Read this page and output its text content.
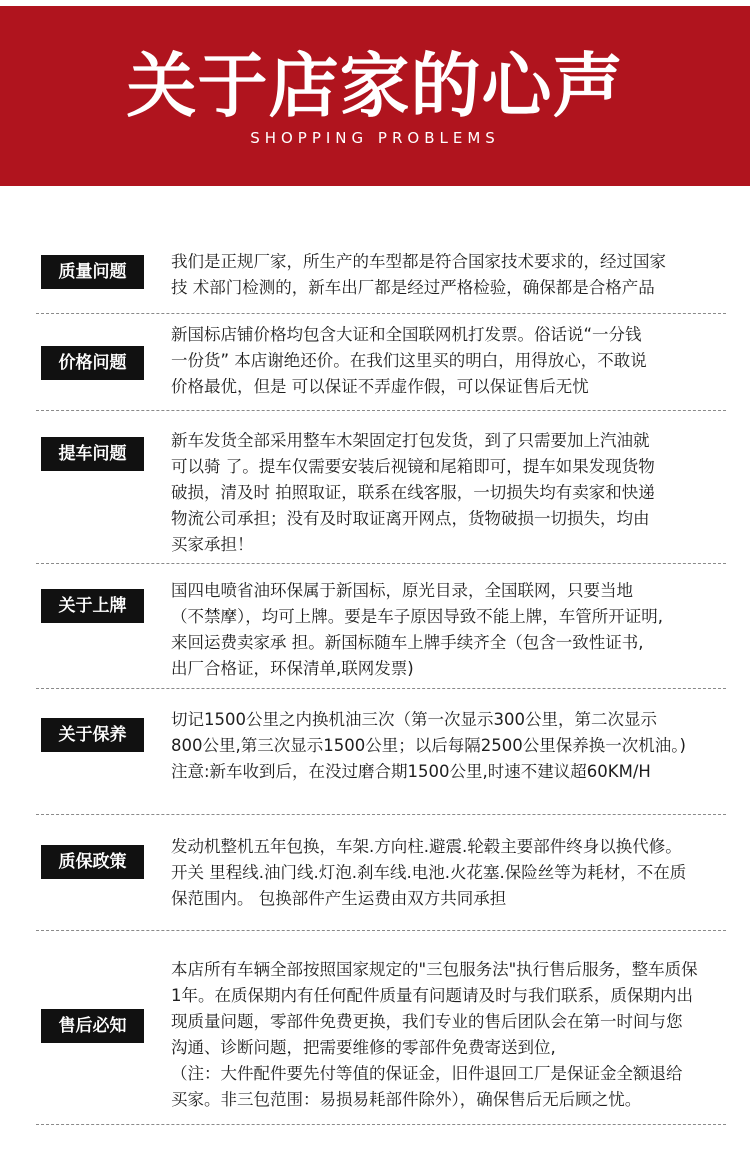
关于店家的心声
SHOPPING PROBLEMS
质量问题
我们是正规厂家，所生产的车型都是符合国家技术要求的，经过国家
技 术部门检测的，新车出厂都是经过严格检验，确保都是合格产品
价格问题
新国标店铺价格均包含大证和全国联网机打发票。俗话说“一分钱
一份货” 本店谢绝还价。在我们这里买的明白，用得放心，不敢说
价格最优，但是 可以保证不弄虚作假，可以保证售后无忧
提车问题
新车发货全部采用整车木架固定打包发货，到了只需要加上汽油就
可以骑 了。提车仅需要安装后视镜和尾箱即可，提车如果发现货物
破损，清及时 拍照取证，联系在线客服，一切损失均有卖家和快递
物流公司承担；没有及时取证离开网点，货物破损一切损失，均由
买家承担！
关于上牌
国四电喷省油环保属于新国标，原光目录，全国联网，只要当地
（不禁摩），均可上牌。要是车子原因导致不能上牌，车管所开证明,
来回运费卖家承 担。新国标随车上牌手续齐全（包含一致性证书,
出厂合格证，环保清单,联网发票)
关于保养
切记1500公里之内换机油三次（第一次显示300公里，第二次显示
800公里,第三次显示1500公里；以后每隔2500公里保养换一次机油。)
注意:新车收到后，在没过磨合期1500公里,时速不建议超60KM/H
质保政策
发动机整机五年包换，车架.方向柱.避震.轮毂主要部件终身以换代修。
开关 里程线.油门线.灯泡.刹车线.电池.火花塞.保险丝等为耗材，不在质
保范围内。 包换部件产生运费由双方共同承担
售后必知
本店所有车辆全部按照国家规定的"三包服务法"执行售后服务，整车质保
1年。在质保期内有任何配件质量有问题请及时与我们联系，质保期内出
现质量问题，零部件免费更换，我们专业的售后团队会在第一时间与您
沟通、诊断问题，把需要维修的零部件免费寄送到位,
（注：大件配件要先付等值的保证金，旧件退回工厂是保证金全额退给
买家。非三包范围：易损易耗部件除外），确保售后无后顾之忧。
